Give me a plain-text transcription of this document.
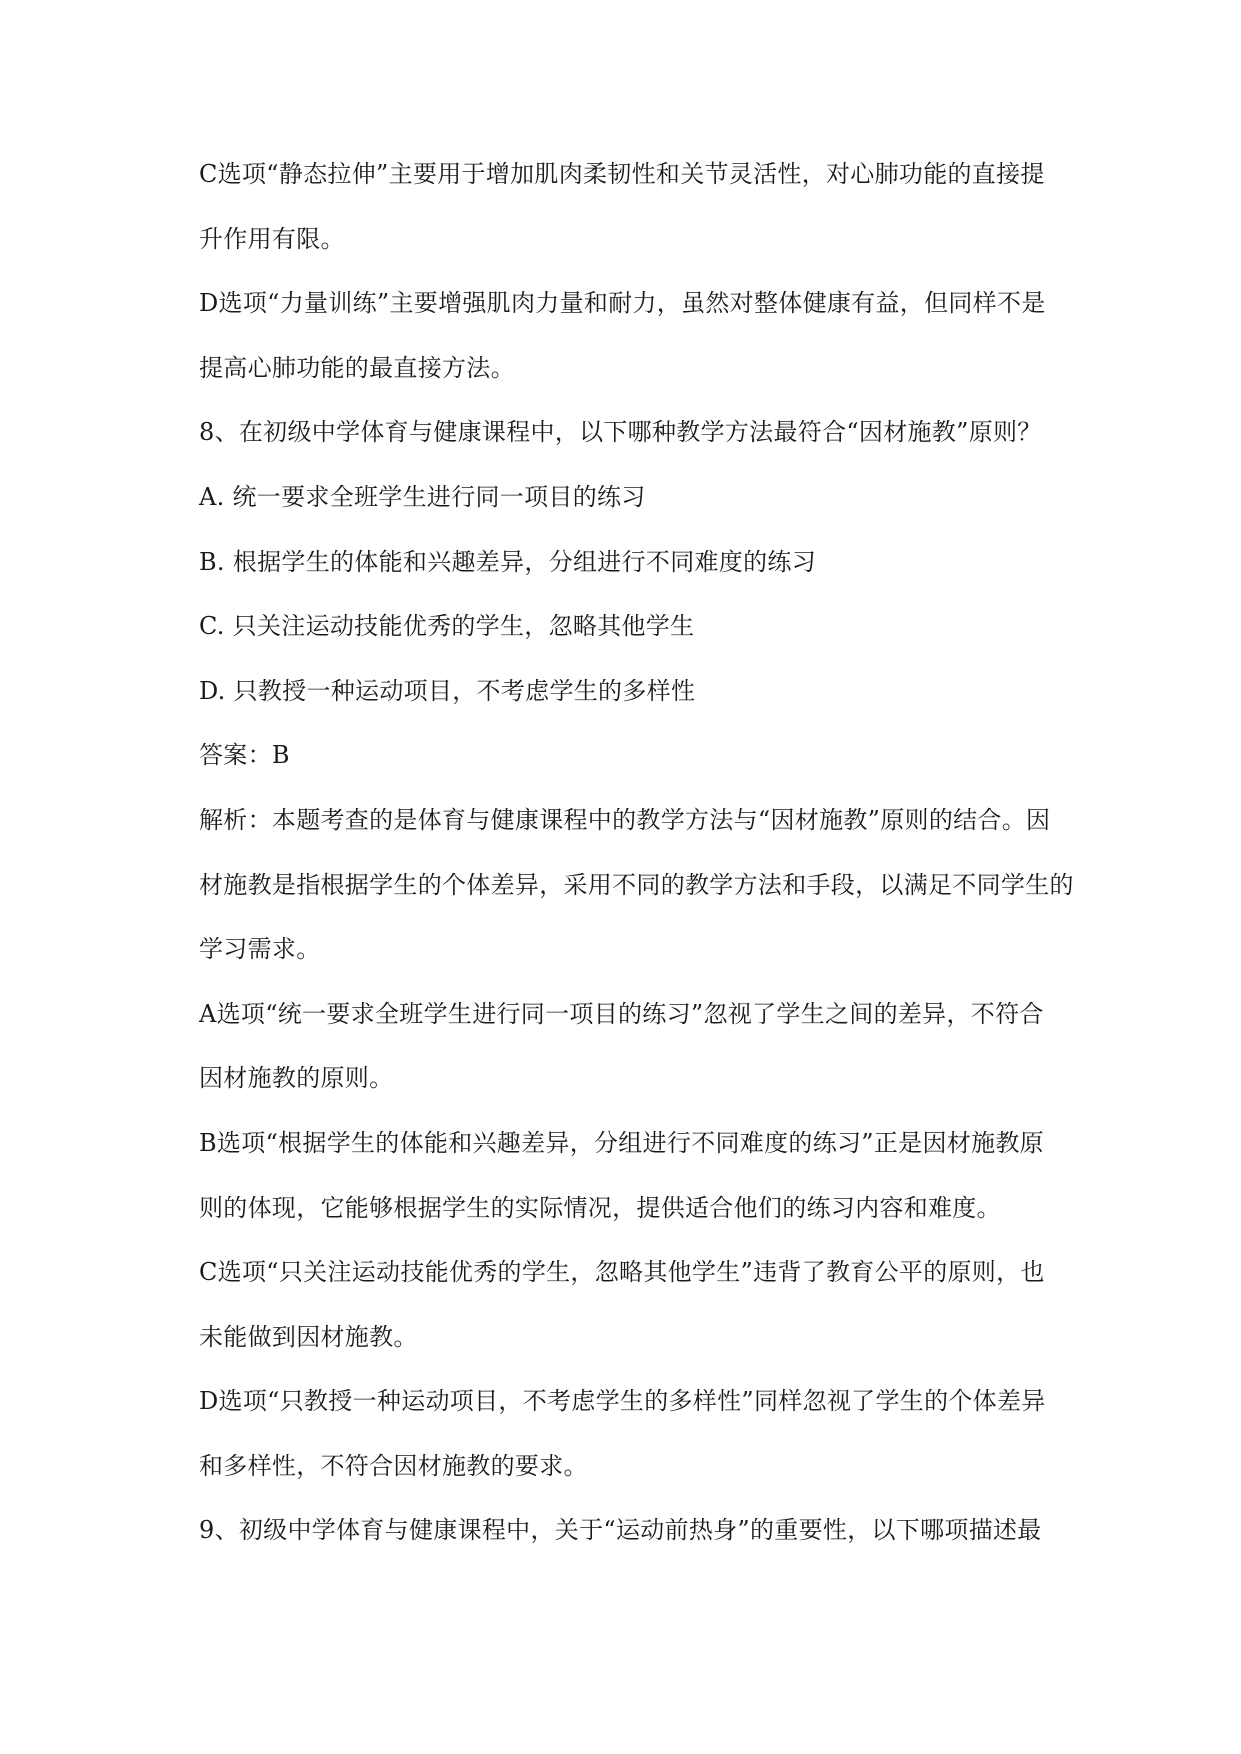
C选项“静态拉伸”主要用于增加肌肉柔韧性和关节灵活性，对心肺功能的直接提
升作用有限。
D选项“力量训练”主要增强肌肉力量和耐力，虽然对整体健康有益，但同样不是
提高心肺功能的最直接方法。
8、在初级中学体育与健康课程中，以下哪种教学方法最符合“因材施教”原则？
A. 统一要求全班学生进行同一项目的练习
B. 根据学生的体能和兴趣差异，分组进行不同难度的练习
C. 只关注运动技能优秀的学生，忽略其他学生
D. 只教授一种运动项目，不考虑学生的多样性
答案：B
解析：本题考查的是体育与健康课程中的教学方法与“因材施教”原则的结合。因
材施教是指根据学生的个体差异，采用不同的教学方法和手段，以满足不同学生的
学习需求。
A选项“统一要求全班学生进行同一项目的练习”忽视了学生之间的差异，不符合
因材施教的原则。
B选项“根据学生的体能和兴趣差异，分组进行不同难度的练习”正是因材施教原
则的体现，它能够根据学生的实际情况，提供适合他们的练习内容和难度。
C选项“只关注运动技能优秀的学生，忽略其他学生”违背了教育公平的原则，也
未能做到因材施教。
D选项“只教授一种运动项目，不考虑学生的多样性”同样忽视了学生的个体差异
和多样性，不符合因材施教的要求。
9、初级中学体育与健康课程中，关于“运动前热身”的重要性，以下哪项描述最
